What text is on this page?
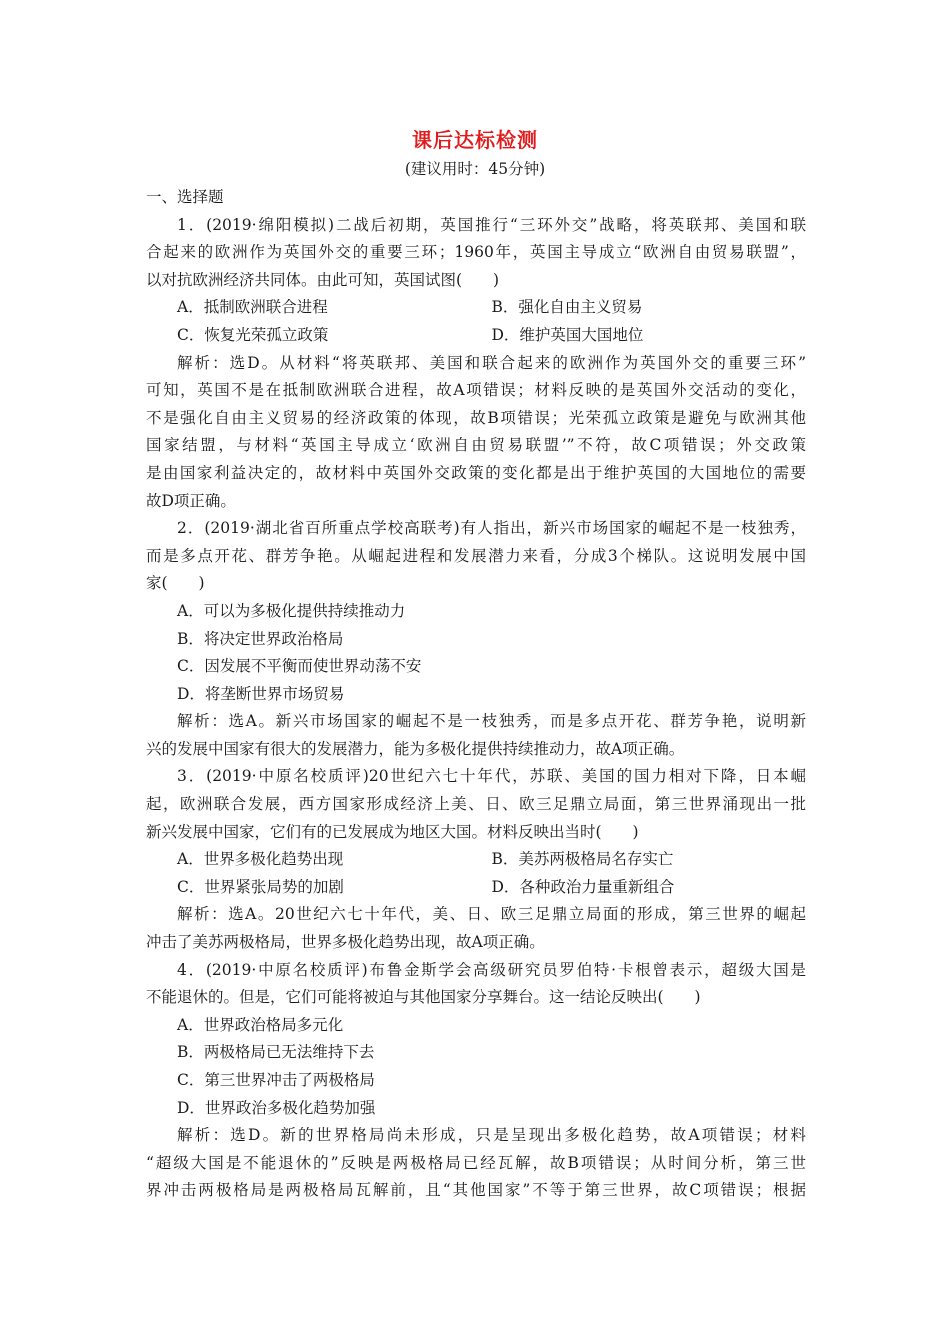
课后达标检测
(建议用时：45分钟)
一、选择题
1．(2019·绵阳模拟)二战后初期，英国推行“三环外交”战略，将英联邦、美国和联
合起来的欧洲作为英国外交的重要三环；1960年，英国主导成立“欧洲自由贸易联盟”，
以对抗欧洲经济共同体。由此可知，英国试图(　　)
A．抵制欧洲联合进程	B．强化自由主义贸易
C．恢复光荣孤立政策	D．维护英国大国地位
解析：选D。从材料“将英联邦、美国和联合起来的欧洲作为英国外交的重要三环”
可知，英国不是在抵制欧洲联合进程，故A项错误；材料反映的是英国外交活动的变化，
不是强化自由主义贸易的经济政策的体现，故B项错误；光荣孤立政策是避免与欧洲其他
国家结盟，与材料“英国主导成立‘欧洲自由贸易联盟’”不符，故C项错误；外交政策
是由国家利益决定的，故材料中英国外交政策的变化都是出于维护英国的大国地位的需要
故D项正确。
2．(2019·湖北省百所重点学校高联考)有人指出，新兴市场国家的崛起不是一枝独秀，
而是多点开花、群芳争艳。从崛起进程和发展潜力来看，分成3个梯队。这说明发展中国
家(　　)
A．可以为多极化提供持续推动力
B．将决定世界政治格局
C．因发展不平衡而使世界动荡不安
D．将垄断世界市场贸易
解析：选A。新兴市场国家的崛起不是一枝独秀，而是多点开花、群芳争艳，说明新
兴的发展中国家有很大的发展潜力，能为多极化提供持续推动力，故A项正确。
3．(2019·中原名校质评)20世纪六七十年代，苏联、美国的国力相对下降，日本崛
起，欧洲联合发展，西方国家形成经济上美、日、欧三足鼎立局面，第三世界涌现出一批
新兴发展中国家，它们有的已发展成为地区大国。材料反映出当时(　　)
A．世界多极化趋势出现	B．美苏两极格局名存实亡
C．世界紧张局势的加剧	D．各种政治力量重新组合
解析：选A。20世纪六七十年代，美、日、欧三足鼎立局面的形成，第三世界的崛起
冲击了美苏两极格局，世界多极化趋势出现，故A项正确。
4．(2019·中原名校质评)布鲁金斯学会高级研究员罗伯特·卡根曾表示，超级大国是
不能退休的。但是，它们可能将被迫与其他国家分享舞台。这一结论反映出(　　)
A．世界政治格局多元化
B．两极格局已无法维持下去
C．第三世界冲击了两极格局
D．世界政治多极化趋势加强
解析：选D。新的世界格局尚未形成，只是呈现出多极化趋势，故A项错误；材料
“超级大国是不能退休的”反映是两极格局已经瓦解，故B项错误；从时间分析，第三世
界冲击两极格局是两极格局瓦解前，且“其他国家”不等于第三世界，故C项错误；根据
